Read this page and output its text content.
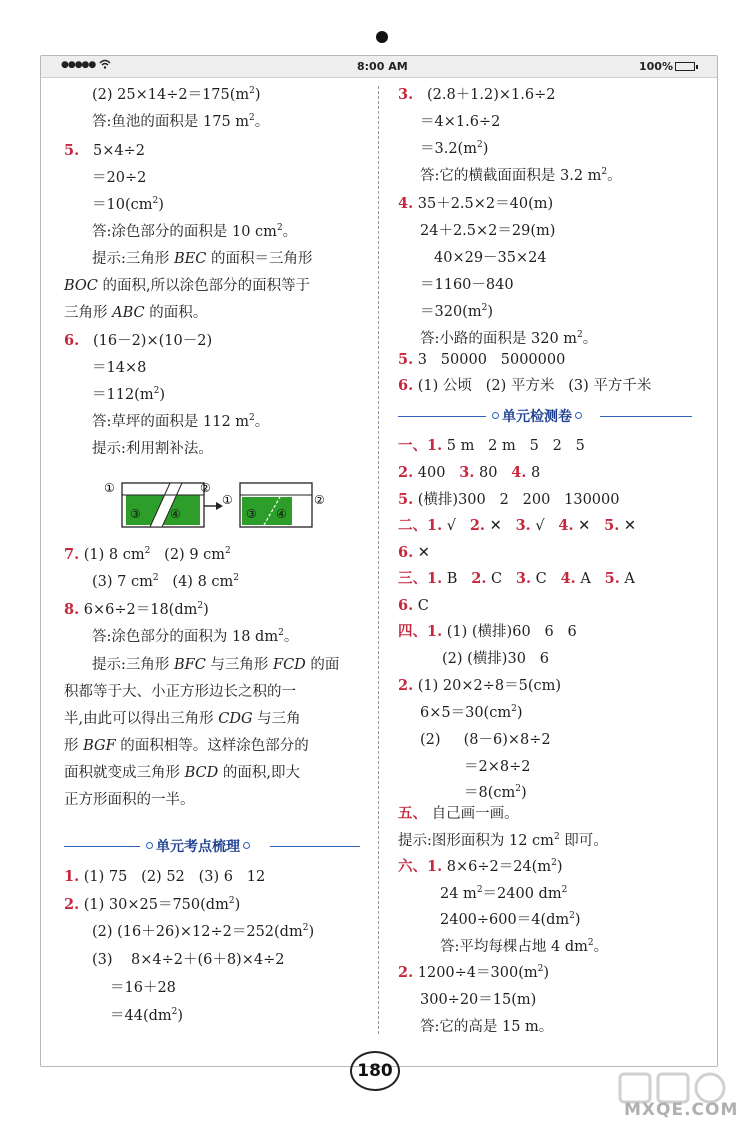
●●●●●	8:00 AM	100%
(2) $25\times 14\div 2=175(m^2)$
答:鱼池的面积是 175 $m^2$。
5.   5×4÷2
＝20÷2
$=10(cm^2)$
答:涂色部分的面积是 10 $cm^2$。
提示:三角形 BEC 的面积＝三角形
BOC 的面积,所以涂色部分的面积等于
三角形 ABC 的面积。
6.   (16－2)×(10－2)
＝14×8
$=112(m^2)$
答:草坪的面积是 112 $m^2$。
提示:利用割补法。
7. (1) 8 $cm^2$   (2) 9 $cm^2$
(3) 7 $cm^2$   (4) 8 $cm^2$
8. $6\times 6\div 2=18(dm^2)$
答:涂色部分的面积为 18 $dm^2$。
提示:三角形 BFC 与三角形 FCD 的面
积都等于大、小正方形边长之积的一
半,由此可以得出三角形 CDG 与三角
形 BGF 的面积相等。这样涂色部分的
面积就变成三角形 BCD 的面积,即大
正方形面积的一半。
①	②
③ ④
①	②
③ ④
单元考点梳理
1. (1) 75   (2) 52   (3) 6   12
2. (1) $30\times 25=750(dm^2)$
(2) $(16+26)\times 12\div 2=252(dm^2)$
(3)    8×4÷2＋(6＋8)×4÷2
＝16＋28
$=44(dm^2)$
3.   (2.8＋1.2)×1.6÷2
＝4×1.6÷2
$=3.2(m^2)$
答:它的横截面面积是 3.2 $m^2$。
4. 35＋2.5×2＝40(m)
24＋2.5×2＝29(m)
40×29－35×24
＝1160－840
$=320(m^2)$
答:小路的面积是 320 $m^2$。
5. 3   50000   5000000
6. (1) 公顷   (2) 平方米   (3) 平方千米
单元检测卷
一、1. 5 m   2 m   5   2   5
2. 400   3. 80   4. 8
5. (横排)300   2   200   130000
二、1. √   2. ✕   3. √   4. ✕   5. ✕
6. ✕
三、1. B   2. C   3. C   4. A   5. A
6. C
四、1. (1) (横排)60   6   6
(2) (横排)30   6
2. (1) 20×2÷8＝5(cm)
$6\times 5=30(cm^2)$
(2)     (8－6)×8÷2
＝2×8÷2
$=8(cm^2)$
五、 自己画一画。
提示:图形面积为 12 $cm^2$ 即可。
六、1. $8\times 6\div 2=24(m^2)$
24 $m^2=2400$ $dm^2$
$2400\div 600=4(dm^2)$
答:平均每棵占地 4 $dm^2$。
2. $1200\div 4=300(m^2)$
300÷20＝15(m)
答:它的高是 15 m。
180
MXQE.COM
